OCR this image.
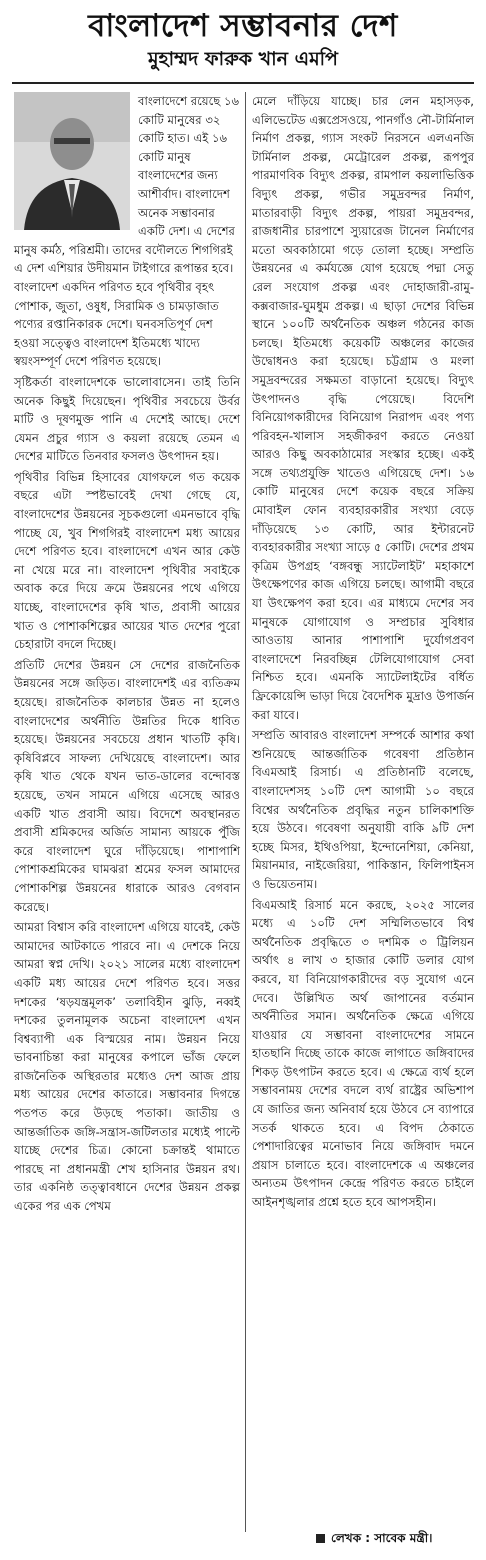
বাংলাদেশ সম্ভাবনার দেশ
মুহাম্মদ ফারুক খান এমপি

বাংলাদেশে রয়েছে ১৬ কোটি মানুষের ৩২ কোটি হাত। এই ১৬ কোটি মানুষ বাংলাদেশের জন্য আশীর্বাদ। বাংলাদেশ অনেক সম্ভাবনার একটি দেশ। এ দেশের মানুষ কর্মঠ, পরিশ্রমী। তাদের বদৌলতে শিগগিরই এ দেশ এশিয়ার উদীয়মান টাইগারে রূপান্তর হবে। বাংলাদেশ একদিন পরিণত হবে পৃথিবীর বৃহৎ পোশাক, জুতা, ওষুধ, সিরামিক ও চামড়াজাত পণ্যের রপ্তানিকারক দেশে। ঘনবসতিপূর্ণ দেশ হওয়া সত্ত্বেও বাংলাদেশ ইতিমধ্যে খাদ্যে স্বয়ংসম্পূর্ণ দেশে পরিণত হয়েছে।

সৃষ্টিকর্তা বাংলাদেশকে ভালোবাসেন। তাই তিনি অনেক কিছুই দিয়েছেন। পৃথিবীর সবচেয়ে উর্বর মাটি ও দূষণমুক্ত পানি এ দেশেই আছে। দেশে যেমন প্রচুর গ্যাস ও কয়লা রয়েছে তেমন এ দেশের মাটিতে তিনবার ফসলও উৎপাদন হয়।

পৃথিবীর বিভিন্ন হিসাবের যোগফলে গত কয়েক বছরে এটা স্পষ্টভাবেই দেখা গেছে যে, বাংলাদেশের উন্নয়নের সূচকগুলো এমনভাবে বৃদ্ধি পাচ্ছে যে, খুব শিগগিরই বাংলাদেশ মধ্য আয়ের দেশে পরিণত হবে। বাংলাদেশে এখন আর কেউ না খেয়ে মরে না। বাংলাদেশ পৃথিবীর সবাইকে অবাক করে দিয়ে ক্রমে উন্নয়নের পথে এগিয়ে যাচ্ছে, বাংলাদেশের কৃষি খাত, প্রবাসী আয়ের খাত ও পোশাকশিল্পের আয়ের খাত দেশের পুরো চেহারাটা বদলে দিচ্ছে।

প্রতিটি দেশের উন্নয়ন সে দেশের রাজনৈতিক উন্নয়নের সঙ্গে জড়িত। বাংলাদেশই এর ব্যতিক্রম হয়েছে। রাজনৈতিক কালচার উন্নত না হলেও বাংলাদেশের অর্থনীতি উন্নতির দিকে ধাবিত হয়েছে। উন্নয়নের সবচেয়ে প্রধান খাতটি কৃষি। কৃষিবিপ্লবে সাফল্য দেখিয়েছে বাংলাদেশ। আর কৃষি খাত থেকে যখন ভাত-ডালের বন্দোবস্ত হয়েছে, তখন সামনে এগিয়ে এসেছে আরও একটি খাত প্রবাসী আয়। বিদেশে অবস্থানরত প্রবাসী শ্রমিকদের অর্জিত সামান্য আয়কে পুঁজি করে বাংলাদেশ ঘুরে দাঁড়িয়েছে। পাশাপাশি পোশাকশ্রমিকের ঘামঝরা শ্রমের ফসল আমাদের পোশাকশিল্প উন্নয়নের ধারাকে আরও বেগবান করেছে।

আমরা বিশ্বাস করি বাংলাদেশ এগিয়ে যাবেই, কেউ আমাদের আটকাতে পারবে না। এ দেশকে নিয়ে আমরা স্বপ্ন দেখি। ২০২১ সালের মধ্যে বাংলাদেশ একটি মধ্য আয়ের দেশে পরিণত হবে। সত্তর দশকের ‘ষড়যন্ত্রমূলক’ তলাবিহীন ঝুড়ি, নব্বই দশকের তুলনামূলক অচেনা বাংলাদেশ এখন বিশ্বব্যাপী এক বিস্ময়ের নাম। উন্নয়ন নিয়ে ভাবনাচিন্তা করা মানুষের কপালে ভাঁজ ফেলে রাজনৈতিক অস্থিরতার মধ্যেও দেশ আজ প্রায় মধ্য আয়ের দেশের কাতারে। সম্ভাবনার দিগন্তে পতপত করে উড়ছে পতাকা। জাতীয় ও আন্তর্জাতিক জঙ্গি-সন্ত্রাস-জটিলতার মধ্যেই পাল্টে যাচ্ছে দেশের চিত্র। কোনো চক্রান্তই থামাতে পারছে না প্রধানমন্ত্রী শেখ হাসিনার উন্নয়ন রথ। তার একনিষ্ঠ তত্ত্বাবধানে দেশের উন্নয়ন প্রকল্প একের পর এক পেখম

মেলে দাঁড়িয়ে যাচ্ছে। চার লেন মহাসড়ক, এলিভেটেড এক্সপ্রেসওয়ে, পানগাঁও নৌ-টার্মিনাল নির্মাণ প্রকল্প, গ্যাস সংকট নিরসনে এলএনজি টার্মিনাল প্রকল্প, মেট্রোরেল প্রকল্প, রূপপুর পারমাণবিক বিদ্যুৎ প্রকল্প, রামপাল কয়লাভিত্তিক বিদ্যুৎ প্রকল্প, গভীর সমুদ্রবন্দর নির্মাণ, মাতারবাড়ী বিদ্যুৎ প্রকল্প, পায়রা সমুদ্রবন্দর, রাজধানীর চারপাশে স্যুয়ারেজ টানেল নির্মাণের মতো অবকাঠামো গড়ে তোলা হচ্ছে। সম্প্রতি উন্নয়নের এ কর্মযজ্ঞে যোগ হয়েছে পদ্মা সেতু রেল সংযোগ প্রকল্প এবং দোহাজারী-রামু-কক্সবাজার-ঘুমধুম প্রকল্প। এ ছাড়া দেশের বিভিন্ন স্থানে ১০০টি অর্থনৈতিক অঞ্চল গঠনের কাজ চলছে। ইতিমধ্যে কয়েকটি অঞ্চলের কাজের উদ্বোধনও করা হয়েছে। চট্টগ্রাম ও মংলা সমুদ্রবন্দরের সক্ষমতা বাড়ানো হয়েছে। বিদ্যুৎ উৎপাদনও বৃদ্ধি পেয়েছে। বিদেশি বিনিয়োগকারীদের বিনিয়োগ নিরাপদ এবং পণ্য পরিবহন-খালাস সহজীকরণ করতে নেওয়া আরও কিছু অবকাঠামোর সংস্কার হচ্ছে। একই সঙ্গে তথ্যপ্রযুক্তি খাতেও এগিয়েছে দেশ। ১৬ কোটি মানুষের দেশে কয়েক বছরে সক্রিয় মোবাইল ফোন ব্যবহারকারীর সংখ্যা বেড়ে দাঁড়িয়েছে ১৩ কোটি, আর ইন্টারনেট ব্যবহারকারীর সংখ্যা সাড়ে ৫ কোটি। দেশের প্রথম কৃত্রিম উপগ্রহ ‘বঙ্গবন্ধু স্যাটেলাইট’ মহাকাশে উৎক্ষেপণের কাজ এগিয়ে চলছে। আগামী বছরে যা উৎক্ষেপণ করা হবে। এর মাধ্যমে দেশের সব মানুষকে যোগাযোগ ও সম্প্রচার সুবিধার আওতায় আনার পাশাপাশি দুর্যোগপ্রবণ বাংলাদেশে নিরবচ্ছিন্ন টেলিযোগাযোগ সেবা নিশ্চিত হবে। এমনকি স্যাটেলাইটের বর্ধিত ফ্রিকোয়েন্সি ভাড়া দিয়ে বৈদেশিক মুদ্রাও উপার্জন করা যাবে।

সম্প্রতি আবারও বাংলাদেশ সম্পর্কে আশার কথা শুনিয়েছে আন্তর্জাতিক গবেষণা প্রতিষ্ঠান বিএমআই রিসার্চ। এ প্রতিষ্ঠানটি বলেছে, বাংলাদেশসহ ১০টি দেশ আগামী ১০ বছরে বিশ্বের অর্থনৈতিক প্রবৃদ্ধির নতুন চালিকাশক্তি হয়ে উঠবে। গবেষণা অনুযায়ী বাকি ৯টি দেশ হচ্ছে মিসর, ইথিওপিয়া, ইন্দোনেশিয়া, কেনিয়া, মিয়ানমার, নাইজেরিয়া, পাকিস্তান, ফিলিপাইনস ও ভিয়েতনাম।

বিএমআই রিসার্চ মনে করছে, ২০২৫ সালের মধ্যে এ ১০টি দেশ সম্মিলিতভাবে বিশ্ব অর্থনৈতিক প্রবৃদ্ধিতে ৩ দশমিক ৩ ট্রিলিয়ন অর্থাৎ ৪ লাখ ৩ হাজার কোটি ডলার যোগ করবে, যা বিনিয়োগকারীদের বড় সুযোগ এনে দেবে। উল্লিখিত অর্থ জাপানের বর্তমান অর্থনীতির সমান। অর্থনৈতিক ক্ষেত্রে এগিয়ে যাওয়ার যে সম্ভাবনা বাংলাদেশের সামনে হাতছানি দিচ্ছে তাকে কাজে লাগাতে জঙ্গিবাদের শিকড় উৎপাটন করতে হবে। এ ক্ষেত্রে ব্যর্থ হলে সম্ভাবনাময় দেশের বদলে ব্যর্থ রাষ্ট্রের অভিশাপ যে জাতির জন্য অনিবার্য হয়ে উঠবে সে ব্যাপারে সতর্ক থাকতে হবে। এ বিপদ ঠেকাতে পেশাদারিত্বের মনোভাব নিয়ে জঙ্গিবাদ দমনে প্রয়াস চালাতে হবে। বাংলাদেশকে এ অঞ্চলের অন্যতম উৎপাদন কেন্দ্রে পরিণত করতে চাইলে আইনশৃঙ্খলার প্রশ্নে হতে হবে আপসহীন।

লেখক : সাবেক মন্ত্রী।
